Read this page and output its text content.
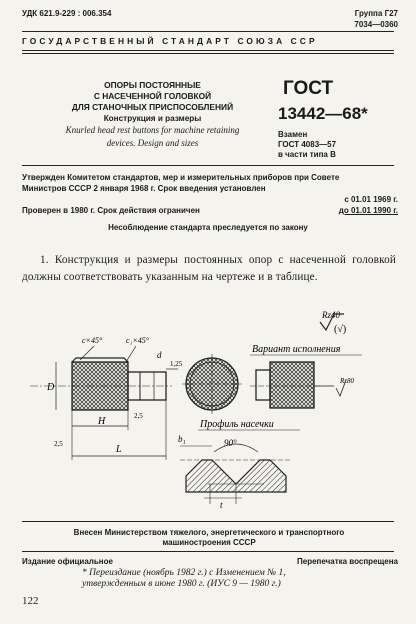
УДК 621.9-229 : 006.354	Группа Г27
7034—0360
ГОСУДАРСТВЕННЫЙ СТАНДАРТ СОЮЗА ССР
ОПОРЫ ПОСТОЯННЫЕ
С НАСЕЧЕННОЙ ГОЛОВКОЙ
ДЛЯ СТАНОЧНЫХ ПРИСПОСОБЛЕНИЙ
Конструкция и размеры
Knurled head rest buttons for machine retaining
devices. Design and sizes
ГОСТ
13442—68*
Взамен
ГОСТ 4083—57
в части типа В
Утвержден Комитетом стандартов, мер и измерительных приборов при Совете
Министров СССР 2 января 1968 г. Срок введения установлен
с 01.01 1969 г.
Проверен в 1980 г. Срок действия ограничен	до 01.01 1990 г.
Несоблюдение стандарта преследуется по закону
1. Конструкция и размеры постоянных опор с насеченной головкой должны соответствовать указанным на чертеже и в таблице.
Rz40
(√)
c×45°	c₁×45°
D
d
1,25
2,5
2,5
H
L
Вариант исполнения
Rz80
Профиль насечки
90°
b₁
t
Внесен Министерством тяжелого, энергетического и транспортного
машиностроения СССР
Издание официальное	Перепечатка воспрещена
* Переиздание (ноябрь 1982 г.) с Изменением № 1,
утвержденным в июне 1980 г. (ИУС 9 — 1980 г.)
122
